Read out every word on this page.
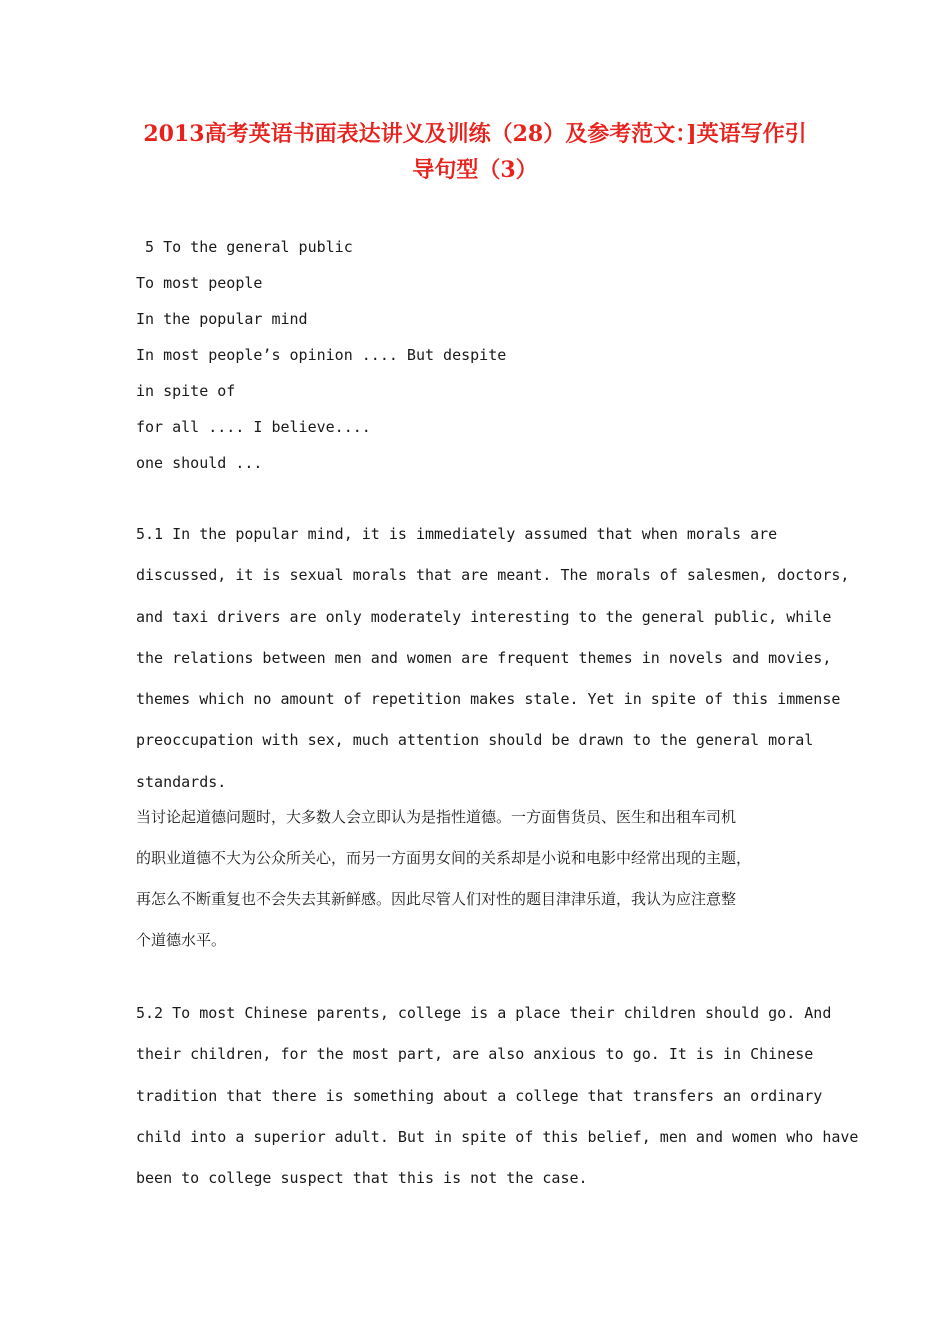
2013高考英语书面表达讲义及训练（28）及参考范文：]英语写作引
导句型（3）
5 To the general public
To most people
In the popular mind
In most people’s opinion .... But despite
in spite of
for all .... I believe....
one should ...
5.1 In the popular mind, it is immediately assumed that when morals are
discussed, it is sexual morals that are meant. The morals of salesmen, doctors,
and taxi drivers are only moderately interesting to the general public, while
the relations between men and women are frequent themes in novels and movies,
themes which no amount of repetition makes stale. Yet in spite of this immense
preoccupation with sex, much attention should be drawn to the general moral
standards.
当讨论起道德问题时，大多数人会立即认为是指性道德。一方面售货员、医生和出租车司机
的职业道德不大为公众所关心，而另一方面男女间的关系却是小说和电影中经常出现的主题，
再怎么不断重复也不会失去其新鲜感。因此尽管人们对性的题目津津乐道，我认为应注意整
个道德水平。
5.2 To most Chinese parents, college is a place their children should go. And
their children, for the most part, are also anxious to go. It is in Chinese
tradition that there is something about a college that transfers an ordinary
child into a superior adult. But in spite of this belief, men and women who have
been to college suspect that this is not the case.
